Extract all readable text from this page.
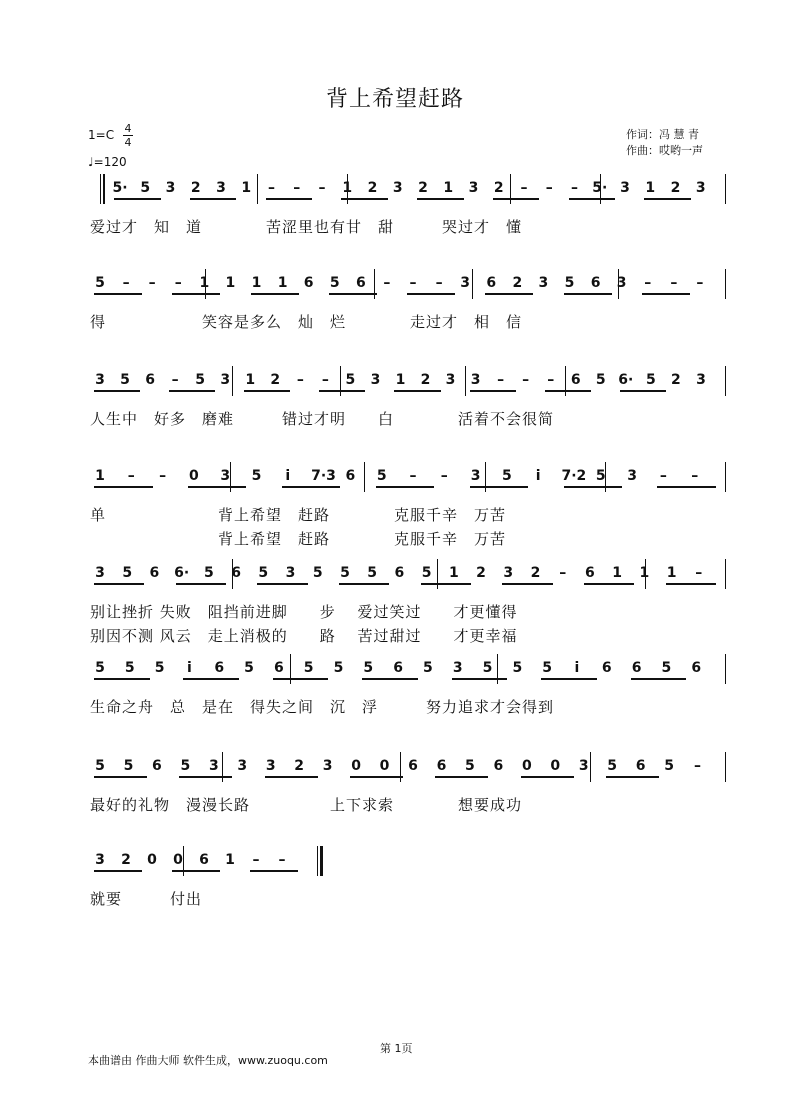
背上希望赶路
1=C 4
4
♩=120
作词：冯 慧 青
作曲：哎哟一声
5· 5 3 2 3 1	–	–	–	1 2 3 2 1 3 2	–	–	–	5· 3 1 2 3
爱过才　知　道　　　　苦涩里也有甘　甜　　　哭过才　懂
5	–	–	–	1 1 1 1 6 5 6	–	–	–	3 6 2 3 5 6 3	–	–	–
得　　　　　　笑容是多么　灿　烂　　　　走过才　相　信
3 5 6	–	5 3 1 2	–	–	5 3 1 2 3 3	–	–	–	6 5 6· 5 2 3
人生中　好多　磨难　　　错过才明　　白　　　　活着不会很简
1	–	–	0 3 5	i	7·3 6 5	–	–	3 5	i	7·2 5 3	–	–
单　　　　　　　背上希望　赶路　　　　克服千辛　万苦
　　　　　　　　背上希望　赶路　　　　克服千辛　万苦
3 5 6 6· 5 6 5 3 5 5 5 6 5 1 2 3 2	–	6 1 1 1	–
别让挫折 失败　阻挡前进脚　　步　 爱过笑过　　才更懂得
别因不测 风云　走上消极的　　路　 苦过甜过　　才更幸福
5 5 5	i	6 5 6 5 5 5 6 5 3 5 5 5	i	6 6 5 6
生命之舟　总　是在　得失之间　沉　浮　　　努力追求才会得到
5 5 6 5 3 3 3 2 3 0 0 6 6 5 6 0 0 3 5 6 5	–
最好的礼物　漫漫长路　　　　　上下求索　　　　想要成功
3 2 0 0 6 1	–	–
就要　　　付出
第 1页
本曲谱由 作曲大师 软件生成，www.zuoqu.com
